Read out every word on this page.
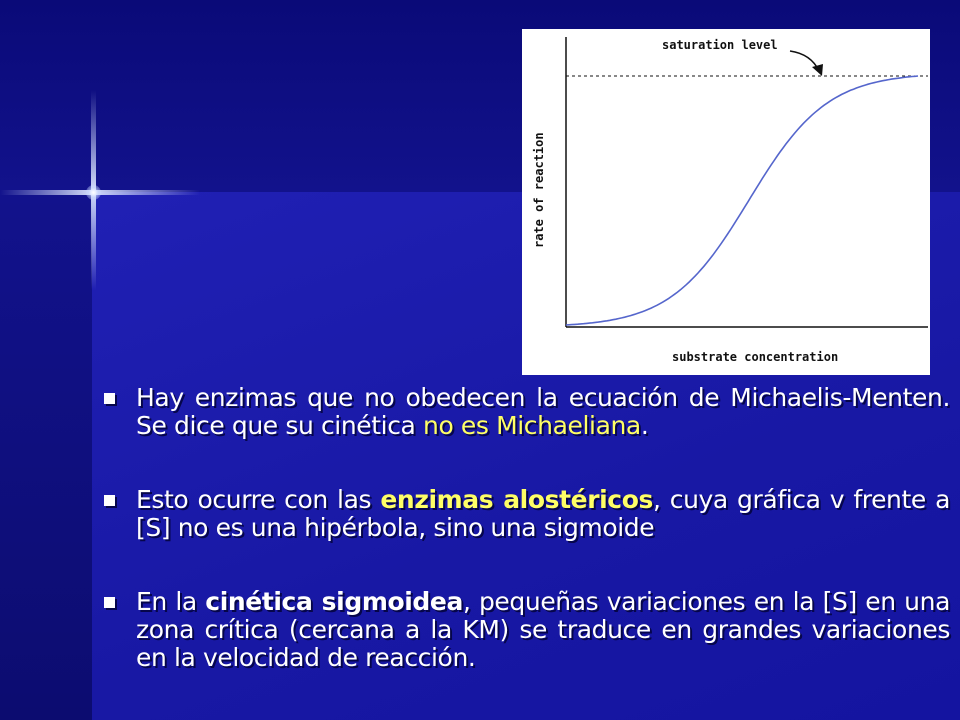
saturation level
substrate concentration
rate of reaction
Hay enzimas que no obedecen la ecuación de Michaelis-Menten. Se dice que su cinética no es Michaeliana.
Esto ocurre con las enzimas alostéricos, cuya gráfica v frente a [S] no es una hipérbola, sino una sigmoide
En la cinética sigmoidea, pequeñas variaciones en la [S] en una zona crítica (cercana a la KM) se traduce en grandes variaciones en la velocidad de reacción.
